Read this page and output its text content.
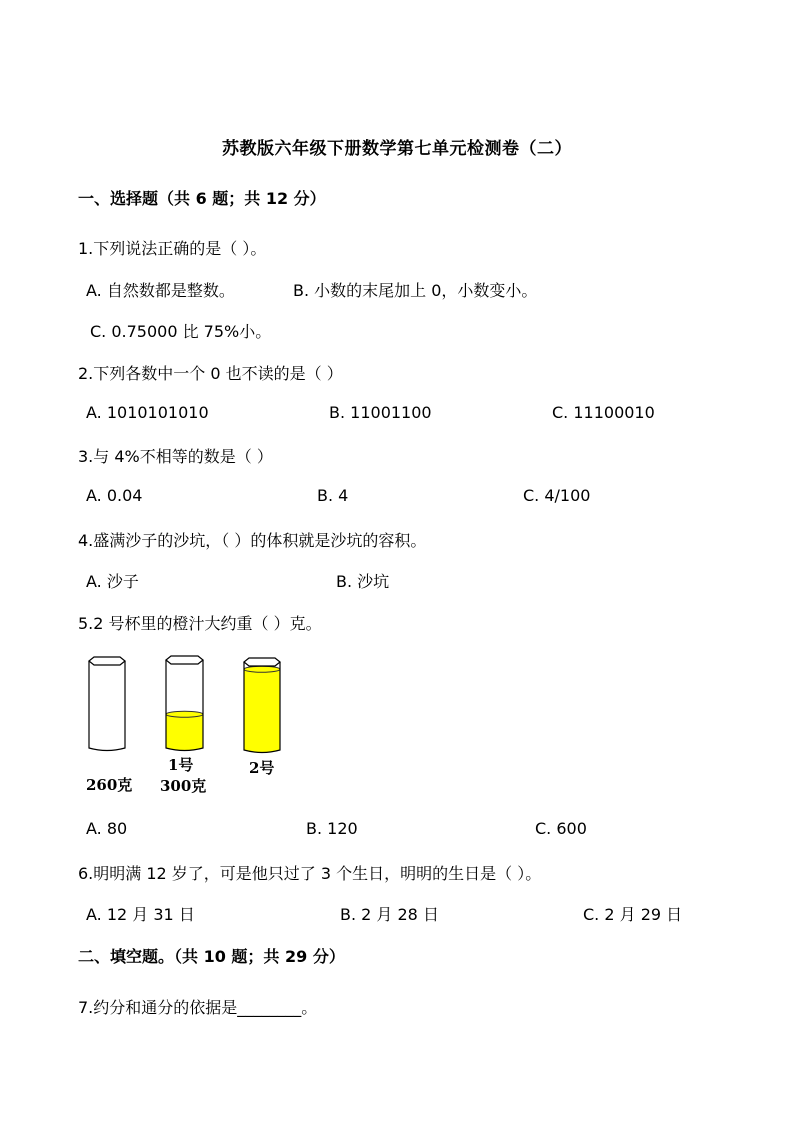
苏教版六年级下册数学第七单元检测卷（二）
一、选择题（共 6 题；共 12 分）
1.下列说法正确的是（ ）。
A. 自然数都是整数。	B. 小数的末尾加上 0，小数变小。
C. 0.75000 比 75%小。
2.下列各数中一个 0 也不读的是（ ）
A. 1010101010	B. 11001100	C. 11100010
3.与 4%不相等的数是（ ）
A. 0.04	B. 4	C. 4/100
4.盛满沙子的沙坑，（ ）的体积就是沙坑的容积。
A. 沙子	B. 沙坑
5.2 号杯里的橙汁大约重（ ）克。
260克
1号
300克
2号
A. 80	B. 120	C. 600
6.明明满 12 岁了，可是他只过了 3 个生日，明明的生日是（ ）。
A. 12 月 31 日	B. 2 月 28 日	C. 2 月 29 日
二、填空题。（共 10 题；共 29 分）
7.约分和通分的依据是________。
